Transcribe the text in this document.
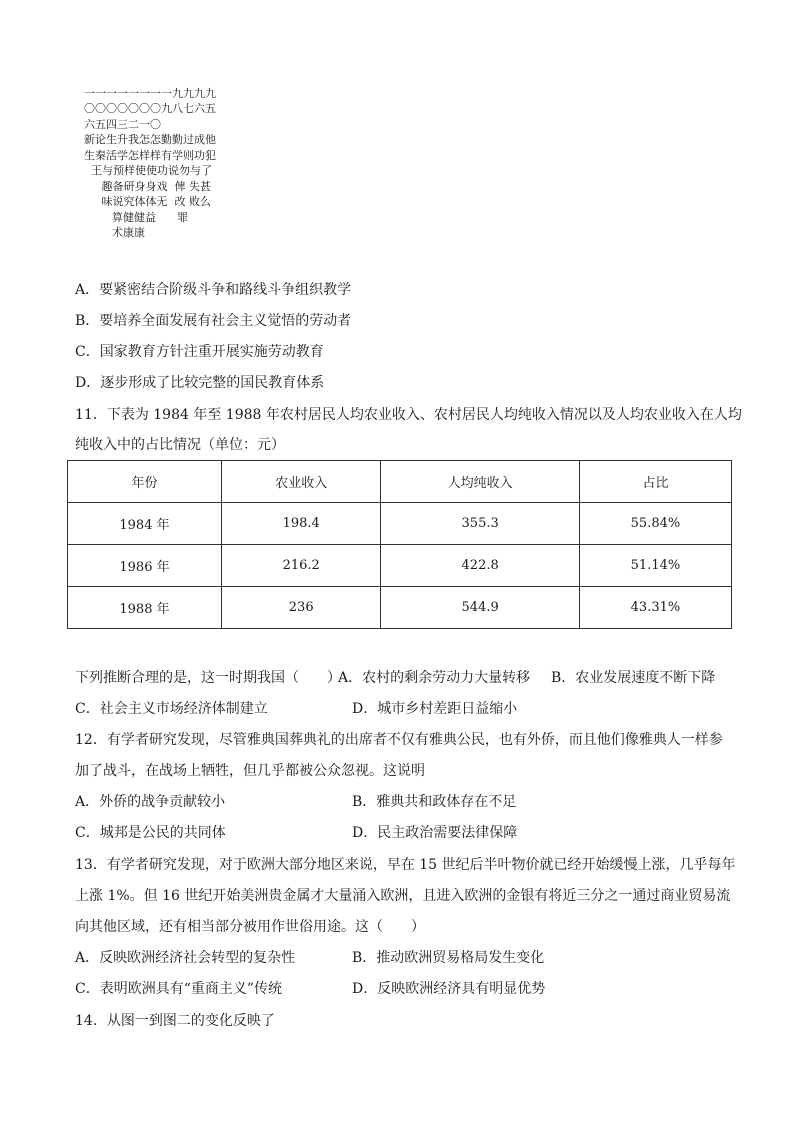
一一一一一一一一九九九九
〇〇〇〇〇〇〇九八七六五
六五四三二一〇
新论生升我怎怎勤勤过成他
生秦活学怎样样有学则功犯
王与预样使使功说勿与了
趣备研身身戏  俾 失甚
味说究体体无  改 败么
算健健益      罪
术康康
A．要紧密结合阶级斗争和路线斗争组织教学
B．要培养全面发展有社会主义觉悟的劳动者
C．国家教育方针注重开展实施劳动教育
D．逐步形成了比较完整的国民教育体系
11．下表为 1984 年至 1988 年农村居民人均农业收入、农村居民人均纯收入情况以及人均农业收入在人均
纯收入中的占比情况（单位：元）
年份	农业收入	人均纯收入	占比
1984 年	198.4	355.3	55.84%
1986 年	216.2	422.8	51.14%
1988 年	236	544.9	43.31%
下列推断合理的是，这一时期我国（　　）
A．农村的剩余劳动力大量转移 B．农业发展速度不断下降
C．社会主义市场经济体制建立	D．城市乡村差距日益缩小
12．有学者研究发现，尽管雅典国葬典礼的出席者不仅有雅典公民，也有外侨，而且他们像雅典人一样参
加了战斗，在战场上牺牲，但几乎都被公众忽视。这说明
A．外侨的战争贡献较小	B．雅典共和政体存在不足
C．城邦是公民的共同体	D．民主政治需要法律保障
13．有学者研究发现，对于欧洲大部分地区来说，早在 15 世纪后半叶物价就已经开始缓慢上涨，几乎每年
上涨 1%。但 16 世纪开始美洲贵金属才大量涌入欧洲，且进入欧洲的金银有将近三分之一通过商业贸易流
向其他区域，还有相当部分被用作世俗用途。这（　　）
A．反映欧洲经济社会转型的复杂性	B．推动欧洲贸易格局发生变化
C．表明欧洲具有“重商主义”传统	D．反映欧洲经济具有明显优势
14．从图一到图二的变化反映了
